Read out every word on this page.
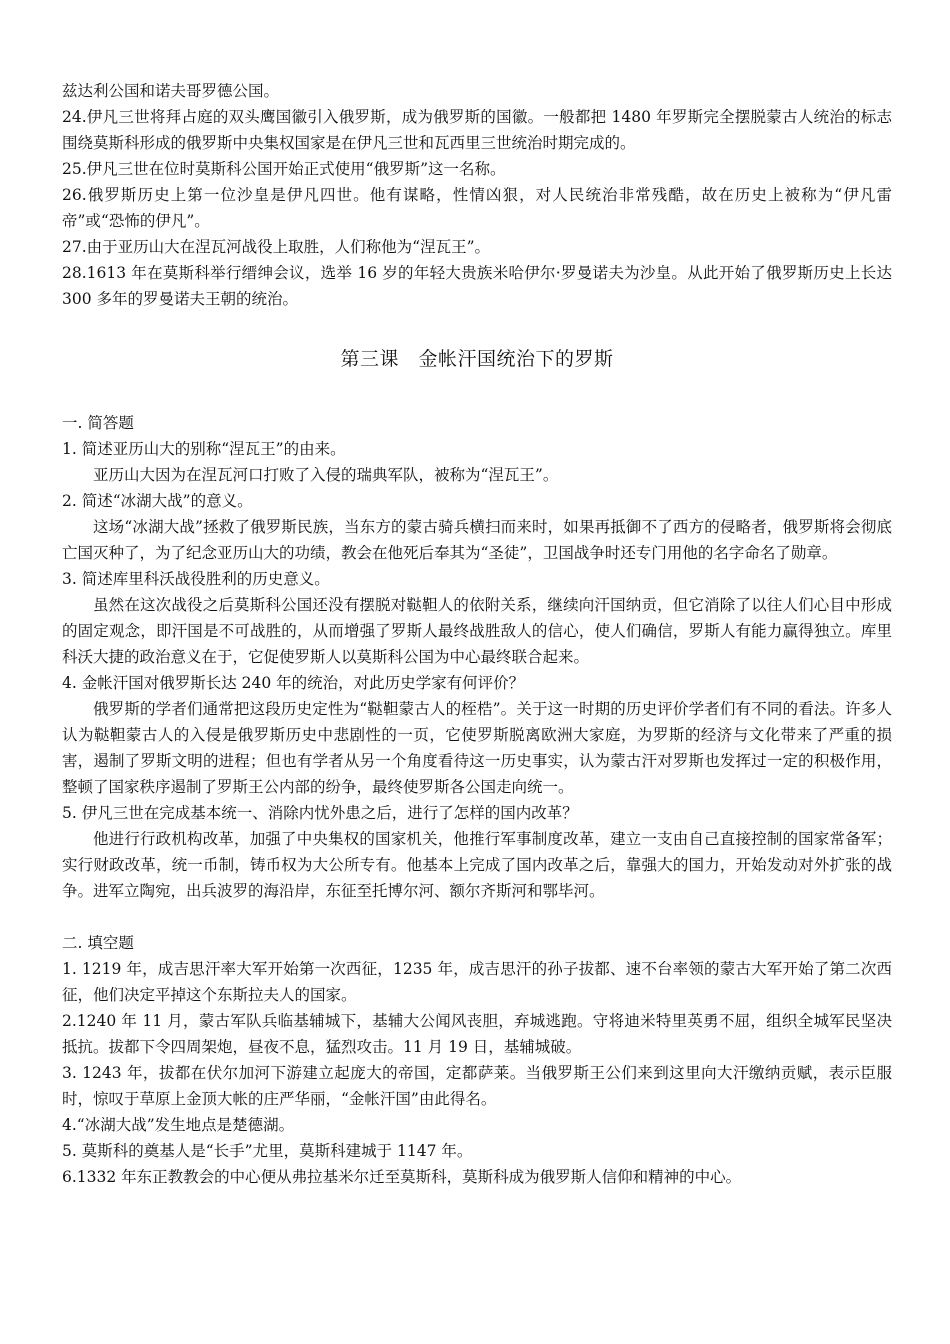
兹达利公国和诺夫哥罗德公国。

24.伊凡三世将拜占庭的双头鹰国徽引入俄罗斯，成为俄罗斯的国徽。一般都把 1480 年罗斯完全摆脱蒙古人统治的标志围绕莫斯科形成的俄罗斯中央集权国家是在伊凡三世和瓦西里三世统治时期完成的。

25.伊凡三世在位时莫斯科公国开始正式使用“俄罗斯”这一名称。

26.俄罗斯历史上第一位沙皇是伊凡四世。他有谋略，性情凶狠，对人民统治非常残酷，故在历史上被称为“伊凡雷帝”或“恐怖的伊凡”。

27.由于亚历山大在涅瓦河战役上取胜，人们称他为“涅瓦王”。

28.1613 年在莫斯科举行缙绅会议，选举 16 岁的年轻大贵族米哈伊尔·罗曼诺夫为沙皇。从此开始了俄罗斯历史上长达 300 多年的罗曼诺夫王朝的统治。

第三课　金帐汗国统治下的罗斯

一. 简答题

1. 简述亚历山大的别称“涅瓦王”的由来。

亚历山大因为在涅瓦河口打败了入侵的瑞典军队，被称为“涅瓦王”。

2. 简述“冰湖大战”的意义。

这场“冰湖大战”拯救了俄罗斯民族，当东方的蒙古骑兵横扫而来时，如果再抵御不了西方的侵略者，俄罗斯将会彻底亡国灭种了，为了纪念亚历山大的功绩，教会在他死后奉其为“圣徒”，卫国战争时还专门用他的名字命名了勋章。

3. 简述库里科沃战役胜利的历史意义。

虽然在这次战役之后莫斯科公国还没有摆脱对鞑靼人的依附关系，继续向汗国纳贡，但它消除了以往人们心目中形成的固定观念，即汗国是不可战胜的，从而增强了罗斯人最终战胜敌人的信心，使人们确信，罗斯人有能力赢得独立。库里科沃大捷的政治意义在于，它促使罗斯人以莫斯科公国为中心最终联合起来。

4. 金帐汗国对俄罗斯长达 240 年的统治，对此历史学家有何评价？

俄罗斯的学者们通常把这段历史定性为“鞑靼蒙古人的桎梏”。关于这一时期的历史评价学者们有不同的看法。许多人认为鞑靼蒙古人的入侵是俄罗斯历史中悲剧性的一页，它使罗斯脱离欧洲大家庭，为罗斯的经济与文化带来了严重的损害，遏制了罗斯文明的进程；但也有学者从另一个角度看待这一历史事实，认为蒙古汗对罗斯也发挥过一定的积极作用，整顿了国家秩序遏制了罗斯王公内部的纷争，最终使罗斯各公国走向统一。

5. 伊凡三世在完成基本统一、消除内忧外患之后，进行了怎样的国内改革？

他进行行政机构改革，加强了中央集权的国家机关，他推行军事制度改革，建立一支由自己直接控制的国家常备军；实行财政改革，统一币制，铸币权为大公所专有。他基本上完成了国内改革之后，靠强大的国力，开始发动对外扩张的战争。进军立陶宛，出兵波罗的海沿岸，东征至托博尔河、额尔齐斯河和鄂毕河。

二. 填空题

1. 1219 年，成吉思汗率大军开始第一次西征，1235 年，成吉思汗的孙子拔都、速不台率领的蒙古大军开始了第二次西征，他们决定平掉这个东斯拉夫人的国家。

2.1240 年 11 月，蒙古军队兵临基辅城下，基辅大公闻风丧胆，弃城逃跑。守将迪米特里英勇不屈，组织全城军民坚决抵抗。拔都下令四周架炮，昼夜不息，猛烈攻击。11 月 19 日，基辅城破。

3. 1243 年，拔都在伏尔加河下游建立起庞大的帝国，定都萨莱。当俄罗斯王公们来到这里向大汗缴纳贡赋，表示臣服时，惊叹于草原上金顶大帐的庄严华丽，“金帐汗国”由此得名。

4.“冰湖大战”发生地点是楚德湖。

5. 莫斯科的奠基人是“长手”尤里，莫斯科建城于 1147 年。

6.1332 年东正教教会的中心便从弗拉基米尔迁至莫斯科，莫斯科成为俄罗斯人信仰和精神的中心。
